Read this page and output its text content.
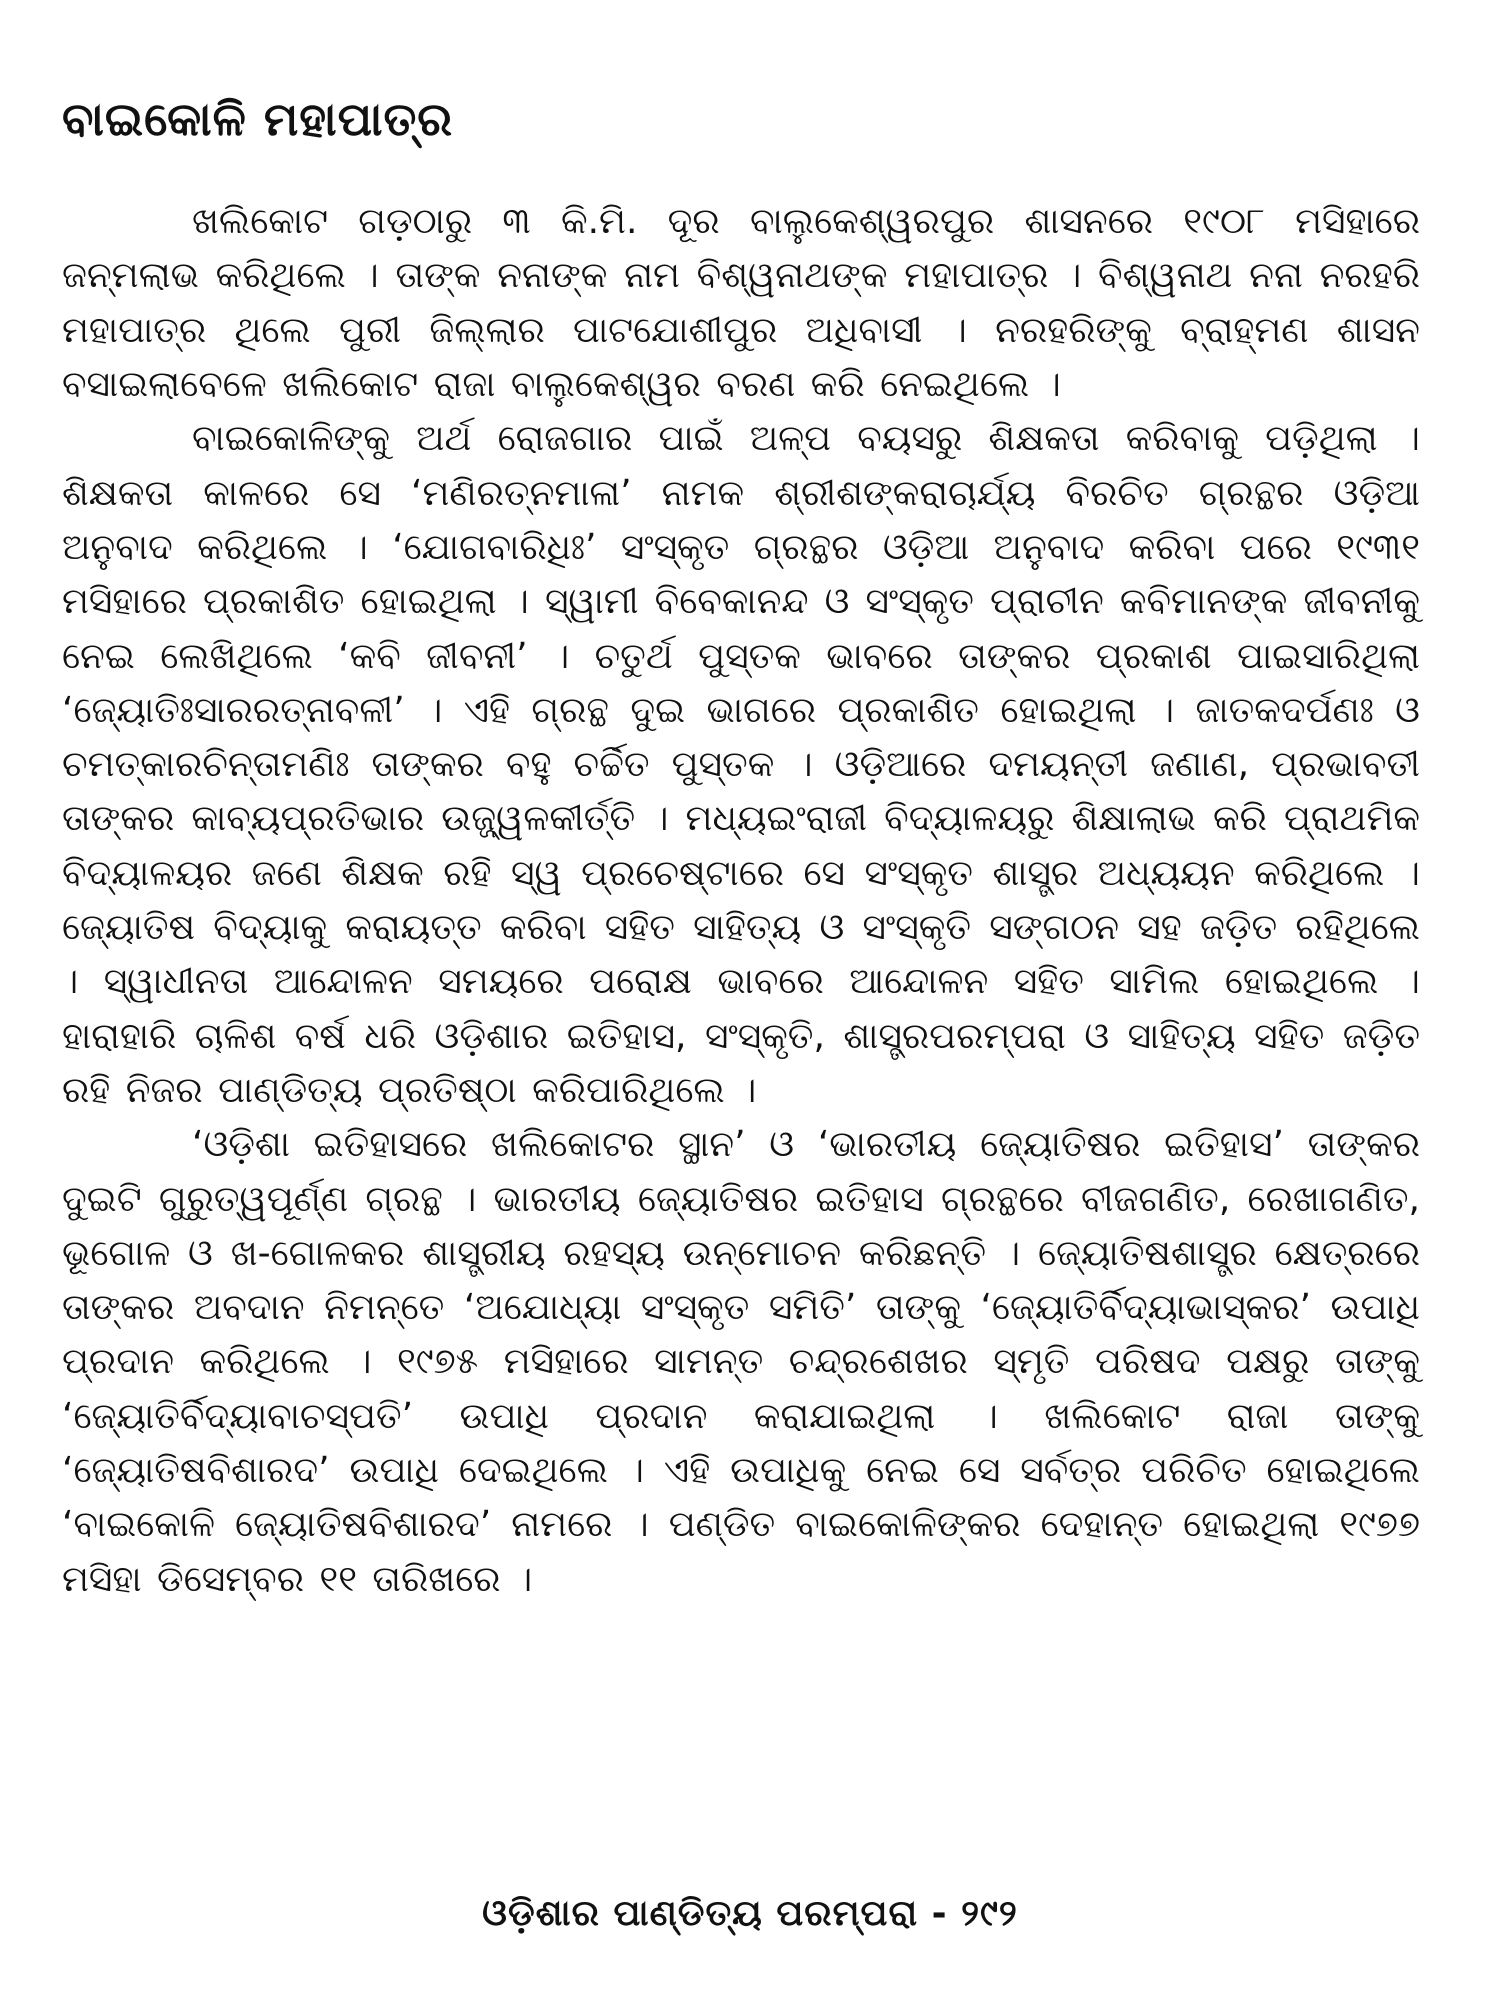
ବାଇକୋଳି ମହାପାତ୍ର

ଖଲିକୋଟ ଗଡ଼ଠାରୁ ୩ କି.ମି. ଦୂର ବାଲୁକେଶ୍ୱରପୁର ଶାସନରେ ୧୯୦୮ ମସିହାରେ ଜନ୍ମଲାଭ କରିଥିଲେ । ତାଙ୍କ ନନାଙ୍କ ନାମ ବିଶ୍ୱନାଥଙ୍କ ମହାପାତ୍ର । ବିଶ୍ୱନାଥ ନନା ନରହରି ମହାପାତ୍ର ଥିଲେ ପୁରୀ ଜିଲ୍ଲାର ପାଟଯୋଶୀପୁର ଅଧିବାସୀ । ନରହରିଙ୍କୁ ବ୍ରାହ୍ମଣ ଶାସନ ବସାଇଲାବେଳେ ଖଲିକୋଟ ରାଜା ବାଲୁକେଶ୍ୱର ବରଣ କରି ନେଇଥିଲେ ।

ବାଇକୋଳିଙ୍କୁ ଅର୍ଥ ରୋଜଗାର ପାଇଁ ଅଳ୍ପ ବୟସରୁ ଶିକ୍ଷକତା କରିବାକୁ ପଡ଼ିଥିଲା । ଶିକ୍ଷକତା କାଳରେ ସେ ‘ମଣିରତ୍ନମାଳା’ ନାମକ ଶ୍ରୀଶଙ୍କରାଚାର୍ଯ୍ୟ ବିରଚିତ ଗ୍ରନ୍ଥର ଓଡ଼ିଆ ଅନୁବାଦ କରିଥିଲେ । ‘ଯୋଗବାରିଧିଃ’ ସଂସ୍କୃତ ଗ୍ରନ୍ଥର ଓଡ଼ିଆ ଅନୁବାଦ କରିବା ପରେ ୧୯୩୧ ମସିହାରେ ପ୍ରକାଶିତ ହୋଇଥିଲା । ସ୍ୱାମୀ ବିବେକାନନ୍ଦ ଓ ସଂସ୍କୃତ ପ୍ରାଚୀନ କବିମାନଙ୍କ ଜୀବନୀକୁ ନେଇ ଲେଖିଥିଲେ ‘କବି ଜୀବନୀ’ । ଚତୁର୍ଥ ପୁସ୍ତକ ଭାବରେ ତାଙ୍କର ପ୍ରକାଶ ପାଇସାରିଥିଲା ‘ଜ୍ୟୋତିଃସାରରତ୍ନାବଳୀ’ । ଏହି ଗ୍ରନ୍ଥ ଦୁଇ ଭାଗରେ ପ୍ରକାଶିତ ହୋଇଥିଲା । ଜାତକଦର୍ପଣଃ ଓ ଚମତ୍କାରଚିନ୍ତାମଣିଃ ତାଙ୍କର ବହୁ ଚର୍ଚ୍ଚିତ ପୁସ୍ତକ । ଓଡ଼ିଆରେ ଦମୟନ୍ତୀ ଜଣାଣ, ପ୍ରଭାବତୀ ତାଙ୍କର କାବ୍ୟପ୍ରତିଭାର ଉଜ୍ଜ୍ୱଳକୀର୍ତ୍ତି । ମଧ୍ୟଇଂରାଜୀ ବିଦ୍ୟାଳୟରୁ ଶିକ୍ଷାଲାଭ କରି ପ୍ରାଥମିକ ବିଦ୍ୟାଳୟର ଜଣେ ଶିକ୍ଷକ ରହି ସ୍ୱ ପ୍ରଚେଷ୍ଟାରେ ସେ ସଂସ୍କୃତ ଶାସ୍ତ୍ର ଅଧ୍ୟୟନ କରିଥିଲେ । ଜ୍ୟୋତିଷ ବିଦ୍ୟାକୁ କରାୟତ୍ତ କରିବା ସହିତ ସାହିତ୍ୟ ଓ ସଂସ୍କୃତି ସଙ୍ଗଠନ ସହ ଜଡ଼ିତ ରହିଥିଲେ । ସ୍ୱାଧୀନତା ଆନ୍ଦୋଳନ ସମୟରେ ପରୋକ୍ଷ ଭାବରେ ଆନ୍ଦୋଳନ ସହିତ ସାମିଲ ହୋଇଥିଲେ । ହାରାହାରି ଚାଳିଶ ବର୍ଷ ଧରି ଓଡ଼ିଶାର ଇତିହାସ, ସଂସ୍କୃତି, ଶାସ୍ତ୍ରପରମ୍ପରା ଓ ସାହିତ୍ୟ ସହିତ ଜଡ଼ିତ ରହି ନିଜର ପାଣ୍ଡିତ୍ୟ ପ୍ରତିଷ୍ଠା କରିପାରିଥିଲେ ।

‘ଓଡ଼ିଶା ଇତିହାସରେ ଖଲିକୋଟର ସ୍ଥାନ’ ଓ ‘ଭାରତୀୟ ଜ୍ୟୋତିଷର ଇତିହାସ’ ତାଙ୍କର ଦୁଇଟି ଗୁରୁତ୍ୱପୂର୍ଣ୍ଣ ଗ୍ରନ୍ଥ । ଭାରତୀୟ ଜ୍ୟୋତିଷର ଇତିହାସ ଗ୍ରନ୍ଥରେ ବୀଜଗଣିତ, ରେଖାଗଣିତ, ଭୂଗୋଳ ଓ ଖ-ଗୋଳକର ଶାସ୍ତ୍ରୀୟ ରହସ୍ୟ ଉନ୍ମୋଚନ କରିଛନ୍ତି । ଜ୍ୟୋତିଷଶାସ୍ତ୍ର କ୍ଷେତ୍ରରେ ତାଙ୍କର ଅବଦାନ ନିମନ୍ତେ ‘ଅଯୋଧ୍ୟା ସଂସ୍କୃତ ସମିତି’ ତାଙ୍କୁ ‘ଜ୍ୟୋତିର୍ବିଦ୍ୟାଭାସ୍କର’ ଉପାଧି ପ୍ରଦାନ କରିଥିଲେ । ୧୯୭୫ ମସିହାରେ ସାମନ୍ତ ଚନ୍ଦ୍ରଶେଖର ସ୍ମୃତି ପରିଷଦ ପକ୍ଷରୁ ତାଙ୍କୁ ‘ଜ୍ୟୋତିର୍ବିଦ୍ୟାବାଚସ୍ପତି’ ଉପାଧି ପ୍ରଦାନ କରାଯାଇଥିଲା । ଖଲିକୋଟ ରାଜା ତାଙ୍କୁ ‘ଜ୍ୟୋତିଷବିଶାରଦ’ ଉପାଧି ଦେଇଥିଲେ । ଏହି ଉପାଧିକୁ ନେଇ ସେ ସର୍ବତ୍ର ପରିଚିତ ହୋଇଥିଲେ ‘ବାଇକୋଳି ଜ୍ୟୋତିଷବିଶାରଦ’ ନାମରେ । ପଣ୍ଡିତ ବାଇକୋଳିଙ୍କର ଦେହାନ୍ତ ହୋଇଥିଲା ୧୯୭୭ ମସିହା ଡିସେମ୍ବର ୧୧ ତାରିଖରେ ।

ଓଡ଼ିଶାର ପାଣ୍ଡିତ୍ୟ ପରମ୍ପରା - ୨୯୨
